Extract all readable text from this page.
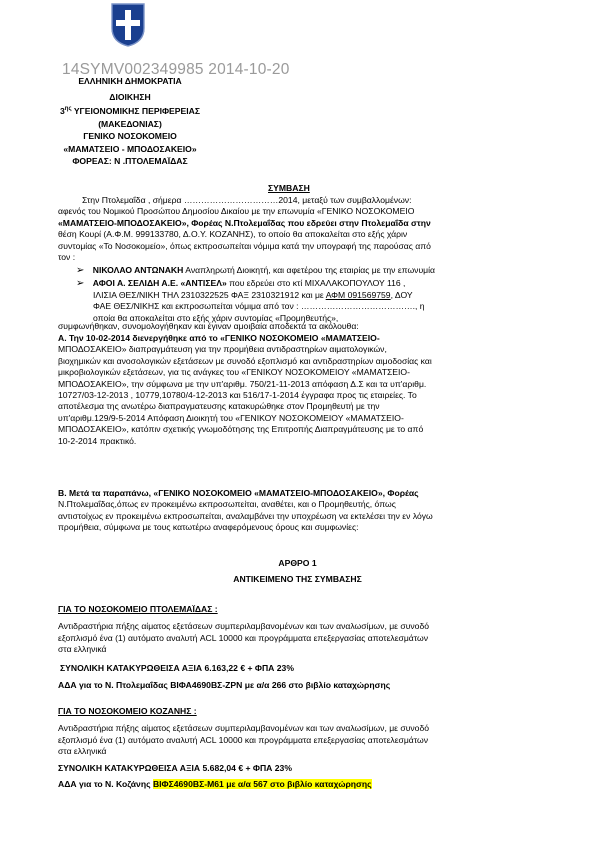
14SYMV002349985 2014-10-20
ΕΛΛΗΝΙΚΗ ΔΗΜΟΚΡΑΤΙΑ
ΔΙΟΙΚΗΣΗ
$3^{\eta\varsigma}$ ΥΓΕΙΟΝΟΜΙΚΗΣ ΠΕΡΙΦΕΡΕΙΑΣ
(ΜΑΚΕΔΟΝΙΑΣ)
ΓΕΝΙΚΟ ΝΟΣΟΚΟΜΕΙΟ
«ΜΑΜΑΤΣΕΙΟ - ΜΠΟΔΟΣΑΚΕΙΟ»
ΦΟΡΕΑΣ: Ν .ΠΤΟΛΕΜΑΪΔΑΣ
ΣΥΜΒΑΣΗ
Στην Πτολεμαΐδα , σήμερα ……………………………2014, μεταξύ των συμβαλλομένων:
αφενός του Νομικού Προσώπου Δημοσίου Δικαίου με την επωνυμία «ΓΕΝΙΚΟ ΝΟΣΟΚΟΜΕΙΟ
«ΜΑΜΑΤΣΕΙΟ-ΜΠΟΔΟΣΑΚΕΙΟ», Φορέας Ν.Πτολεμαΐδας που εδρεύει στην Πτολεμαΐδα στην
θέση Κουρί (Α.Φ.Μ. 999133780, Δ.Ο.Υ. ΚΟΖΑΝΗΣ), το οποίο θα αποκαλείται στο εξής χάριν
συντομίας «Το Νοσοκομείο», όπως εκπροσωπείται νόμιμα κατά την υπογραφή της παρούσας από
τον :
➢ ΝΙΚΟΛΑΟ ΑΝΤΩΝΑΚΗ Αναπληρωτή Διοικητή, και αφετέρου της εταιρίας με την επωνυμία
➢ ΑΦΟΙ Α. ΣΕΛΙΔΗ Α.Ε. «ΑΝΤΙΣΕΛ» που εδρεύει στο κτί ΜΙΧΑΛΑΚΟΠΟΥΛΟΥ 116 ,
ΙΛΙΣΙΑ ΘΕΣ/ΝΙΚΗ ΤΗΛ 2310322525 ΦΑΞ 2310321912 και με ΑΦΜ 091569759, ΔΟΥ
ΦΑΕ ΘΕΣ/ΝΙΚΗΣ και εκπροσωπείται νόμιμα από τον : …………………………………., η
οποία θα αποκαλείται στο εξής χάριν συντομίας «Προμηθευτής»,
συμφωνήθηκαν, συνομολογήθηκαν και έγιναν αμοιβαία αποδεκτά τα ακόλουθα:
A. Την 10-02-2014 διενεργήθηκε από το «ΓΕΝΙΚΟ ΝΟΣΟΚΟΜΕΙΟ «ΜΑΜΑΤΣΕΙΟ-
ΜΠΟΔΟΣΑΚΕΙΟ» διαπραγμάτευση για την προμήθεια αντιδραστηρίων αιματολογικών,
βιοχημικών και ανοσολογικών εξετάσεων με συνοδό εξοπλισμό και αντιδραστηρίων αιμοδοσίας και
μικροβιολογικών εξετάσεων, για τις ανάγκες του «ΓΕΝΙΚΟΥ ΝΟΣΟΚΟΜΕΙΟΥ «ΜΑΜΑΤΣΕΙΟ-
ΜΠΟΔΟΣΑΚΕΙΟ», την σύμφωνα με την υπ'αριθμ. 750/21-11-2013 απόφαση Δ.Σ και τα υπ'αριθμ.
10727/03-12-2013 , 10779,10780/4-12-2013 και 516/17-1-2014 έγγραφα προς τις εταιρείες. Το
αποτέλεσμα της ανωτέρω διαπραγματευσης κατακυρώθηκε στον Προμηθευτή με την
υπ'αριθμ.129/9-5-2014 Απόφαση Διοικητή του «ΓΕΝΙΚΟΥ ΝΟΣΟΚΟΜΕΙΟΥ «ΜΑΜΑΤΣΕΙΟ-
ΜΠΟΔΟΣΑΚΕΙΟ», κατόπιν σχετικής γνωμοδότησης της Επιτροπής Διαπραγμάτευσης με το από
10-2-2014 πρακτικό.
B. Μετά τα παραπάνω, «ΓΕΝΙΚΟ ΝΟΣΟΚΟΜΕΙΟ «ΜΑΜΑΤΣΕΙΟ-ΜΠΟΔΟΣΑΚΕΙΟ», Φορέας
Ν.Πτολεμαΐδας,όπως εν προκειμένω εκπροσωπείται, αναθέτει, και ο Προμηθευτής, όπως
αντιστοίχως εν προκειμένω εκπροσωπείται, αναλαμβάνει την υποχρέωση να εκτελέσει την εν λόγω
προμήθεια, σύμφωνα με τους κατωτέρω αναφερόμενους όρους και συμφωνίες:
ΑΡΘΡΟ 1
ΑΝΤΙΚΕΙΜΕΝΟ ΤΗΣ ΣΥΜΒΑΣΗΣ
ΓΙΑ ΤΟ ΝΟΣΟΚΟΜΕΙΟ ΠΤΟΛΕΜΑΪΔΑΣ :
Αντιδραστήρια πήξης αίματος εξετάσεων συμπεριλαμβανομένων και των αναλωσίμων, με συνοδό
εξοπλισμό ένα (1) αυτόματο αναλυτή ACL 10000 και προγράμματα επεξεργασίας αποτελεσμάτων
στα ελληνικά
ΣΥΝΟΛΙΚΗ ΚΑΤΑΚΥΡΩΘΕΙΣΑ ΑΞΙΑ 6.163,22 € + ΦΠΑ 23%
ΑΔΑ για το Ν. Πτολεμαΐδας ΒΙΦΑ4690ΒΣ-ΖΡΝ με α/α 266 στο βιβλίο καταχώρησης
ΓΙΑ ΤΟ ΝΟΣΟΚΟΜΕΙΟ ΚΟΖΑΝΗΣ :
Αντιδραστήρια πήξης αίματος εξετάσεων συμπεριλαμβανομένων και των αναλωσίμων, με συνοδό
εξοπλισμό ένα (1) αυτόματο αναλυτή ACL 10000 και προγράμματα επεξεργασίας αποτελεσμάτων
στα ελληνικά
ΣΥΝΟΛΙΚΗ ΚΑΤΑΚΥΡΩΘΕΙΣΑ ΑΞΙΑ 5.682,04 € + ΦΠΑ 23%
ΑΔΑ για το Ν. Κοζάνης ΒΙΦΣ4690ΒΣ-Μ61 με α/α 567 στο βιβλίο καταχώρησης
